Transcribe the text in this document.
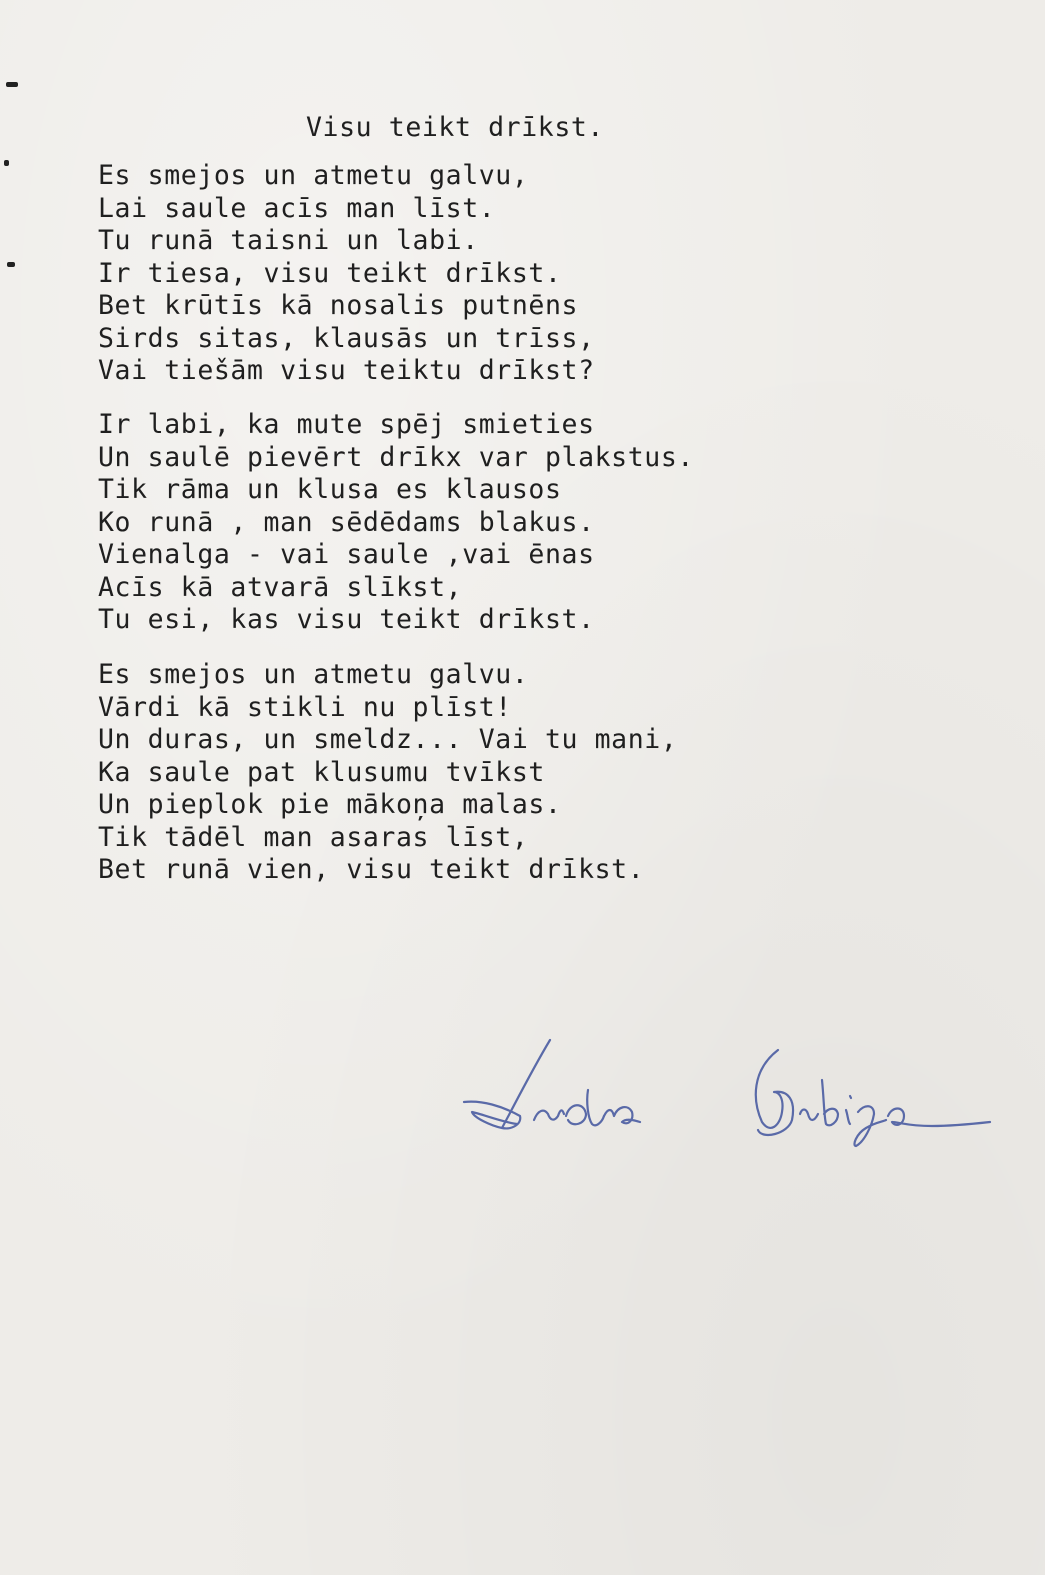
Visu teikt drīkst.
Es smejos un atmetu galvu,
Lai saule acīs man līst.
Tu runā taisni un labi.
Ir tiesa, visu teikt drīkst.
Bet krūtīs kā nosalis putnēns
Sirds sitas, klausās un trīss,
Vai tiešām visu teiktu drīkst?
Ir labi, ka mute spēj smieties
Un saulē pievērt drīkx var plakstus.
Tik rāma un klusa es klausos
Ko runā , man sēdēdams blakus.
Vienalga - vai saule ,vai ēnas
Acīs kā atvarā slīkst,
Tu esi, kas visu teikt drīkst.
Es smejos un atmetu galvu.
Vārdi kā stikli nu plīst!
Un duras, un smeldz... Vai tu mani,
Ka saule pat klusumu tvīkst
Un pieplok pie mākoņa malas.
Tik tādēl man asaras līst,
Bet runā vien, visu teikt drīkst.
